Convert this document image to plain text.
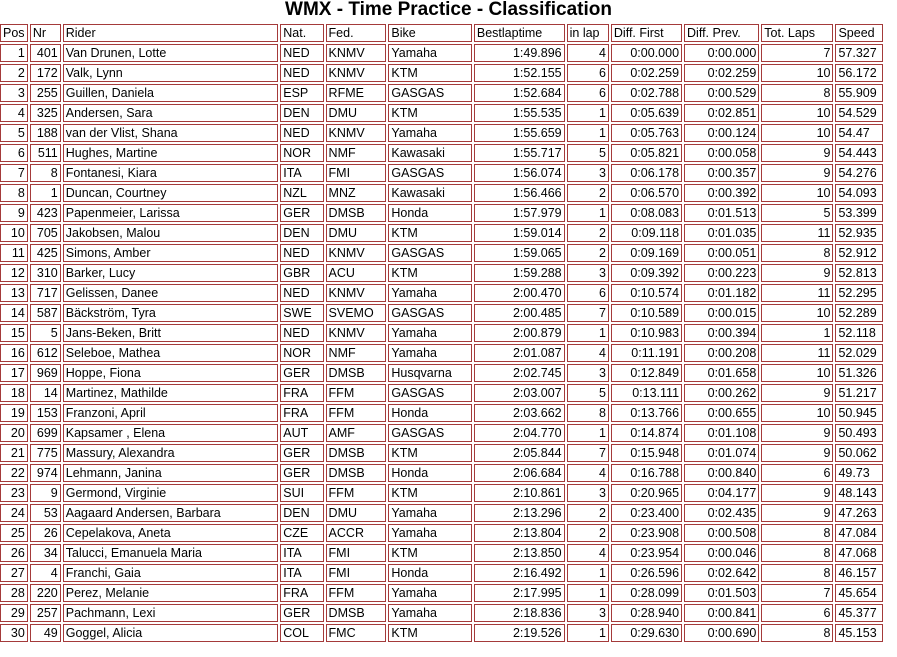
WMX - Time Practice - Classification
Pos	Nr	Rider	Nat.	Fed.	Bike	Bestlaptime	in lap	Diff. First	Diff. Prev.	Tot. Laps	Speed
1	401	Van Drunen, Lotte	NED	KNMV	Yamaha	1:49.896	4	0:00.000	0:00.000	7	57.327
2	172	Valk, Lynn	NED	KNMV	KTM	1:52.155	6	0:02.259	0:02.259	10	56.172
3	255	Guillen, Daniela	ESP	RFME	GASGAS	1:52.684	6	0:02.788	0:00.529	8	55.909
4	325	Andersen, Sara	DEN	DMU	KTM	1:55.535	1	0:05.639	0:02.851	10	54.529
5	188	van der Vlist, Shana	NED	KNMV	Yamaha	1:55.659	1	0:05.763	0:00.124	10	54.47
6	511	Hughes, Martine	NOR	NMF	Kawasaki	1:55.717	5	0:05.821	0:00.058	9	54.443
7	8	Fontanesi, Kiara	ITA	FMI	GASGAS	1:56.074	3	0:06.178	0:00.357	9	54.276
8	1	Duncan, Courtney	NZL	MNZ	Kawasaki	1:56.466	2	0:06.570	0:00.392	10	54.093
9	423	Papenmeier, Larissa	GER	DMSB	Honda	1:57.979	1	0:08.083	0:01.513	5	53.399
10	705	Jakobsen, Malou	DEN	DMU	KTM	1:59.014	2	0:09.118	0:01.035	11	52.935
11	425	Simons, Amber	NED	KNMV	GASGAS	1:59.065	2	0:09.169	0:00.051	8	52.912
12	310	Barker, Lucy	GBR	ACU	KTM	1:59.288	3	0:09.392	0:00.223	9	52.813
13	717	Gelissen, Danee	NED	KNMV	Yamaha	2:00.470	6	0:10.574	0:01.182	11	52.295
14	587	Bäckström, Tyra	SWE	SVEMO	GASGAS	2:00.485	7	0:10.589	0:00.015	10	52.289
15	5	Jans-Beken, Britt	NED	KNMV	Yamaha	2:00.879	1	0:10.983	0:00.394	1	52.118
16	612	Seleboe, Mathea	NOR	NMF	Yamaha	2:01.087	4	0:11.191	0:00.208	11	52.029
17	969	Hoppe, Fiona	GER	DMSB	Husqvarna	2:02.745	3	0:12.849	0:01.658	10	51.326
18	14	Martinez, Mathilde	FRA	FFM	GASGAS	2:03.007	5	0:13.111	0:00.262	9	51.217
19	153	Franzoni, April	FRA	FFM	Honda	2:03.662	8	0:13.766	0:00.655	10	50.945
20	699	Kapsamer , Elena	AUT	AMF	GASGAS	2:04.770	1	0:14.874	0:01.108	9	50.493
21	775	Massury, Alexandra	GER	DMSB	KTM	2:05.844	7	0:15.948	0:01.074	9	50.062
22	974	Lehmann, Janina	GER	DMSB	Honda	2:06.684	4	0:16.788	0:00.840	6	49.73
23	9	Germond, Virginie	SUI	FFM	KTM	2:10.861	3	0:20.965	0:04.177	9	48.143
24	53	Aagaard Andersen, Barbara	DEN	DMU	Yamaha	2:13.296	2	0:23.400	0:02.435	9	47.263
25	26	Cepelakova, Aneta	CZE	ACCR	Yamaha	2:13.804	2	0:23.908	0:00.508	8	47.084
26	34	Talucci, Emanuela Maria	ITA	FMI	KTM	2:13.850	4	0:23.954	0:00.046	8	47.068
27	4	Franchi, Gaia	ITA	FMI	Honda	2:16.492	1	0:26.596	0:02.642	8	46.157
28	220	Perez, Melanie	FRA	FFM	Yamaha	2:17.995	1	0:28.099	0:01.503	7	45.654
29	257	Pachmann, Lexi	GER	DMSB	Yamaha	2:18.836	3	0:28.940	0:00.841	6	45.377
30	49	Goggel, Alicia	COL	FMC	KTM	2:19.526	1	0:29.630	0:00.690	8	45.153
